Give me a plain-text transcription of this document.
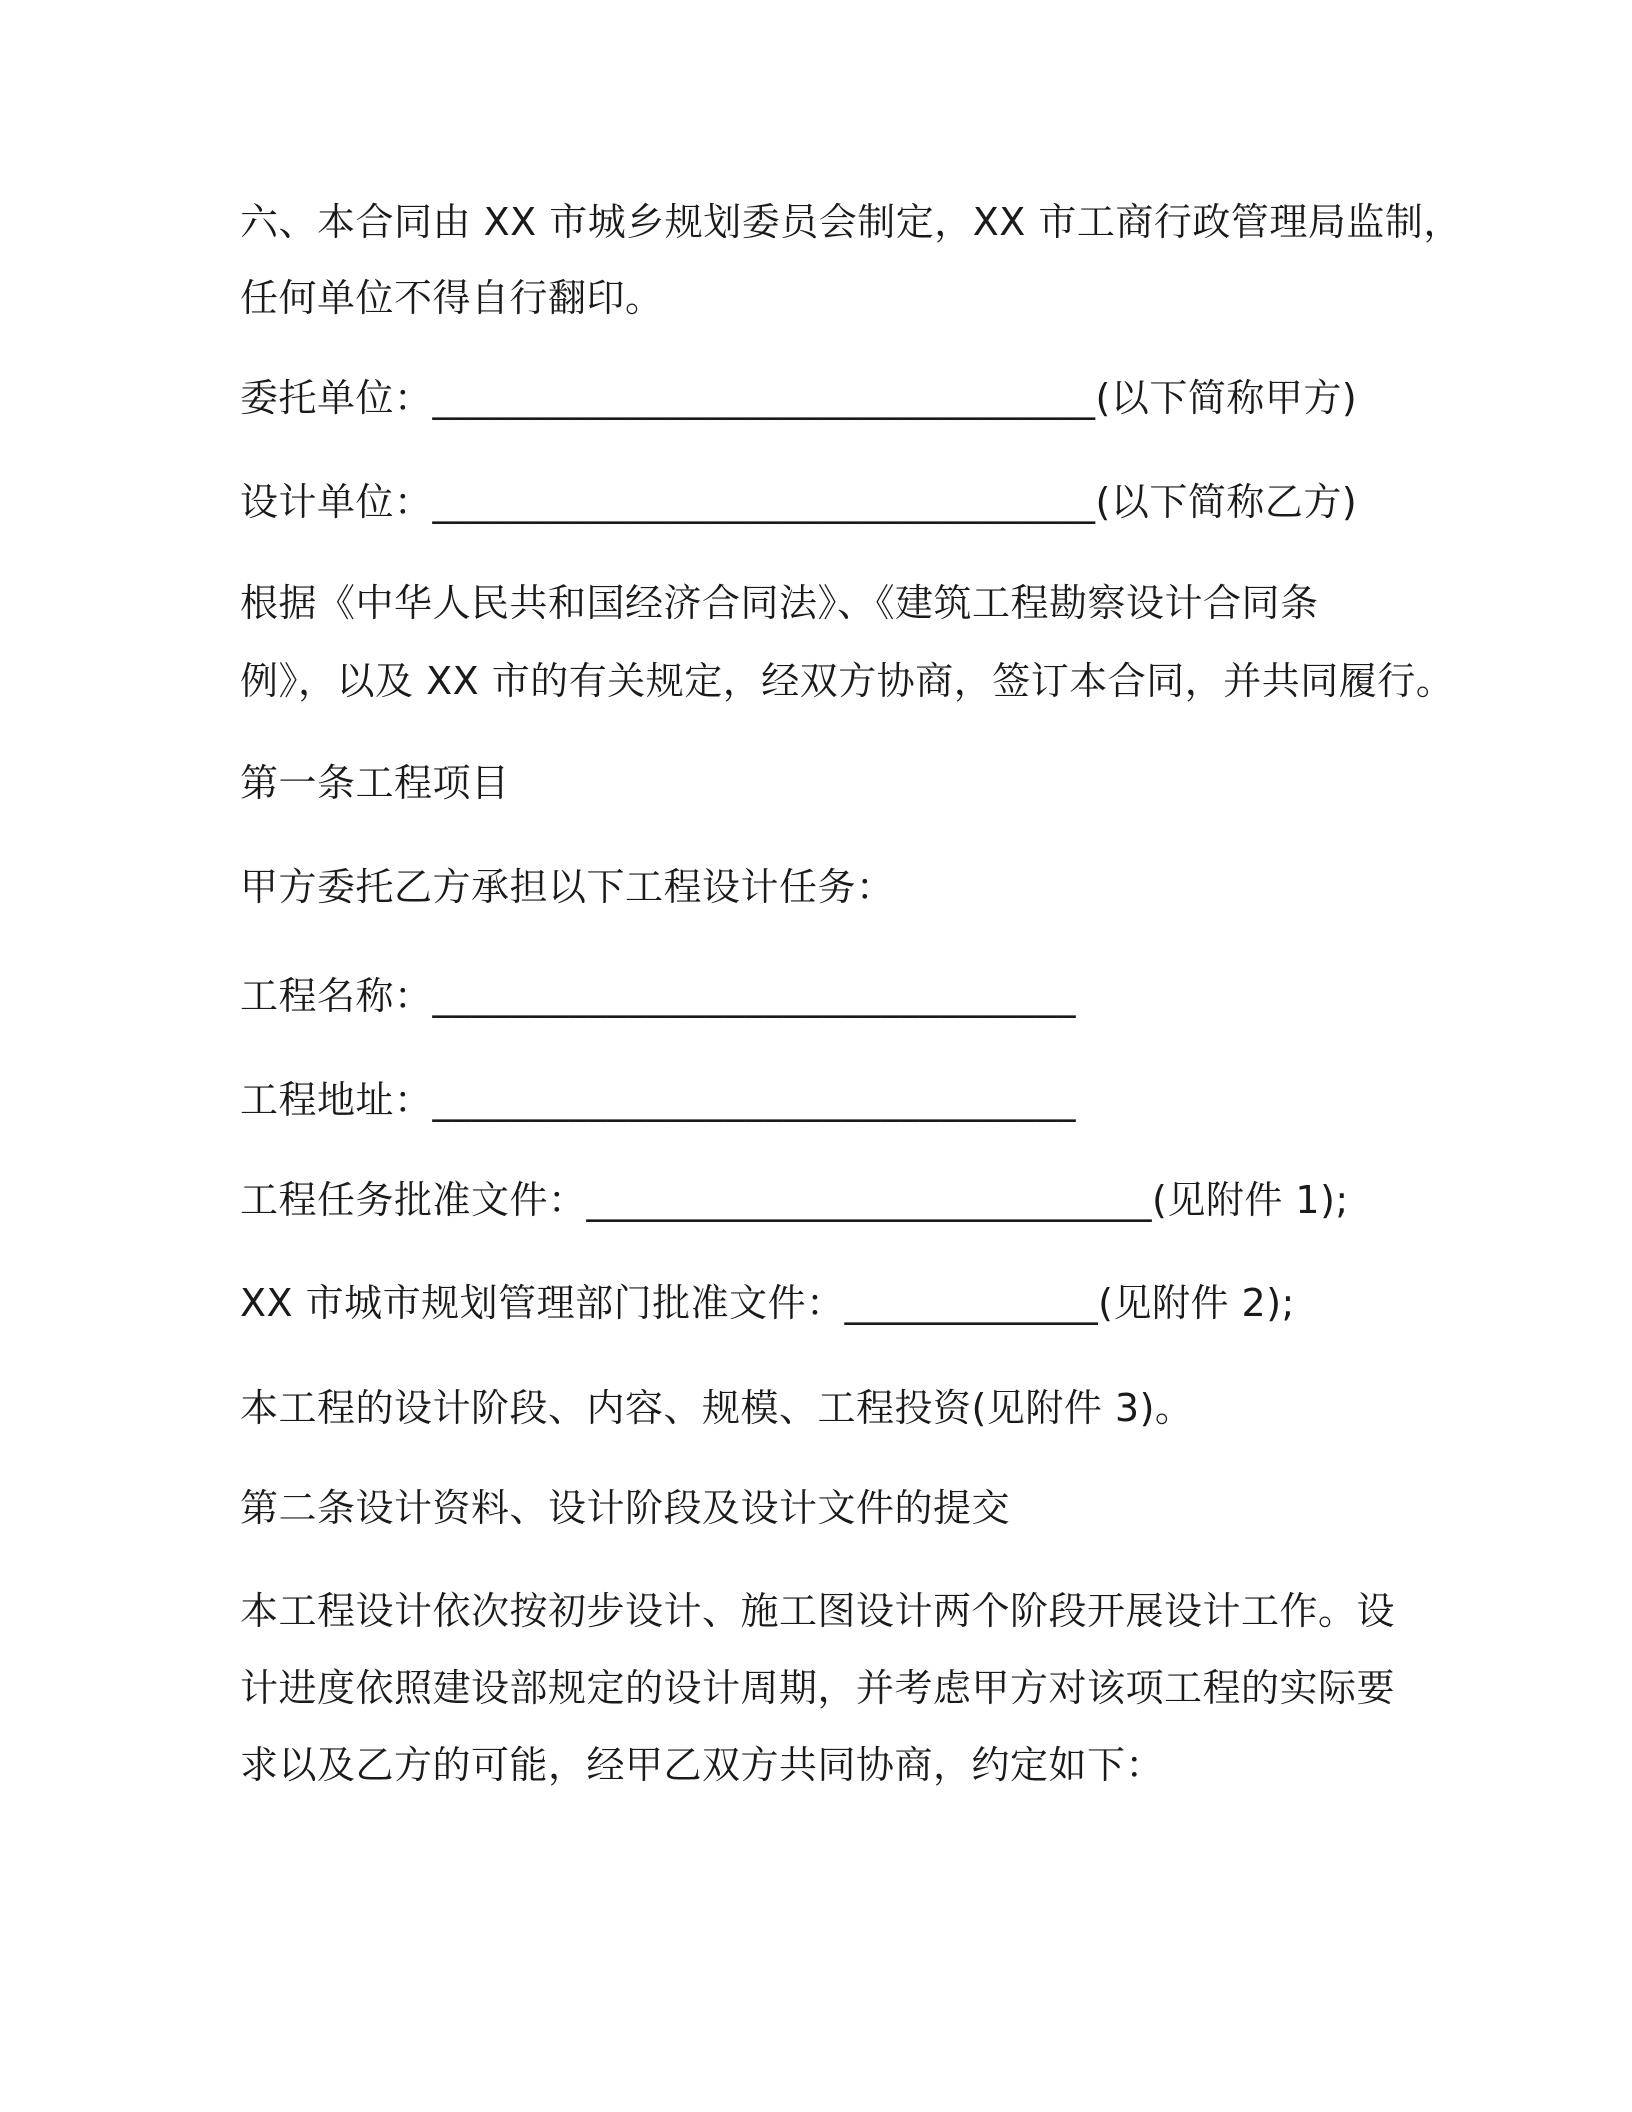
六、本合同由 XX 市城乡规划委员会制定，XX 市工商行政管理局监制，
任何单位不得自行翻印。
委托单位：__________________________________(以下简称甲方)
设计单位：__________________________________(以下简称乙方)
根据《中华人民共和国经济合同法》、《建筑工程勘察设计合同条
例》，以及 XX 市的有关规定，经双方协商，签订本合同，并共同履行。
第一条工程项目
甲方委托乙方承担以下工程设计任务：
工程名称：_________________________________
工程地址：_________________________________
工程任务批准文件：_____________________________(见附件 1);
XX 市城市规划管理部门批准文件：_____________(见附件 2);
本工程的设计阶段、内容、规模、工程投资(见附件 3)。
第二条设计资料、设计阶段及设计文件的提交
本工程设计依次按初步设计、施工图设计两个阶段开展设计工作。设
计进度依照建设部规定的设计周期，并考虑甲方对该项工程的实际要
求以及乙方的可能，经甲乙双方共同协商，约定如下：
